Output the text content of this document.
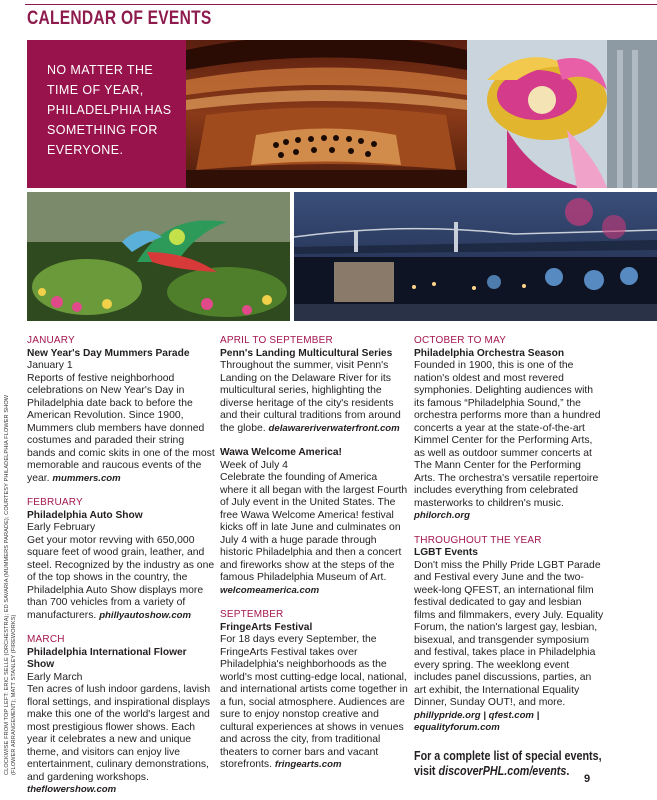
CALENDAR OF EVENTS
NO MATTER THE TIME OF YEAR, PHILADELPHIA HAS SOMETHING FOR EVERYONE.
CLOCKWISE FROM TOP LEFT: ERIC SELLE (ORCHESTRA); ED SAVARIA (MUMMERS PARADE); COURTESY PHILADELPHIA FLOWER SHOW (FLOWER ARRANGEMENT); MATT STANLEY (FIREWORKS)
JANUARY
New Year's Day Mummers Parade
January 1
Reports of festive neighborhood celebrations on New Year's Day in Philadelphia date back to before the American Revolution. Since 1900, Mummers club members have donned costumes and paraded their string bands and comic skits in one of the most memorable and raucous events of the year. mummers.com
FEBRUARY
Philadelphia Auto Show
Early February
Get your motor revving with 650,000 square feet of wood grain, leather, and steel. Recognized by the industry as one of the top shows in the country, the Philadelphia Auto Show displays more than 700 vehicles from a variety of manufacturers. phillyautoshow.com
MARCH
Philadelphia International Flower Show
Early March
Ten acres of lush indoor gardens, lavish floral settings, and inspirational displays make this one of the world's largest and most prestigious flower shows. Each year it celebrates a new and unique theme, and visitors can enjoy live entertainment, culinary demonstrations, and gardening workshops. theflowershow.com
APRIL TO SEPTEMBER
Penn's Landing Multicultural Series
Throughout the summer, visit Penn's Landing on the Delaware River for its multicultural series, highlighting the diverse heritage of the city's residents and their cultural traditions from around the globe. delawareriverwaterfront.com
Wawa Welcome America!
Week of July 4
Celebrate the founding of America where it all began with the largest Fourth of July event in the United States. The free Wawa Welcome America! festival kicks off in late June and culminates on July 4 with a huge parade through historic Philadelphia and then a concert and fireworks show at the steps of the famous Philadelphia Museum of Art. welcomeamerica.com
SEPTEMBER
FringeArts Festival
For 18 days every September, the FringeArts Festival takes over Philadelphia's neighborhoods as the world's most cutting-edge local, national, and international artists come together in a fun, social atmosphere. Audiences are sure to enjoy nonstop creative and cultural experiences at shows in venues and across the city, from traditional theaters to corner bars and vacant storefronts. fringearts.com
OCTOBER TO MAY
Philadelphia Orchestra Season
Founded in 1900, this is one of the nation's oldest and most revered symphonies. Delighting audiences with its famous “Philadelphia Sound,” the orchestra performs more than a hundred concerts a year at the state-of-the-art Kimmel Center for the Performing Arts, as well as outdoor summer concerts at The Mann Center for the Performing Arts. The orchestra's versatile repertoire includes everything from celebrated masterworks to children's music. philorch.org
THROUGHOUT THE YEAR
LGBT Events
Don't miss the Philly Pride LGBT Parade and Festival every June and the two-week-long QFEST, an international film festival dedicated to gay and lesbian films and filmmakers, every July. Equality Forum, the nation's largest gay, lesbian, bisexual, and transgender symposium and festival, takes place in Philadelphia every spring. The weeklong event includes panel discussions, parties, an art exhibit, the International Equality Dinner, Sunday OUT!, and more. phillypride.org | qfest.com | equalityforum.com
For a complete list of special events,
visit discoverPHL.com/events.
9
